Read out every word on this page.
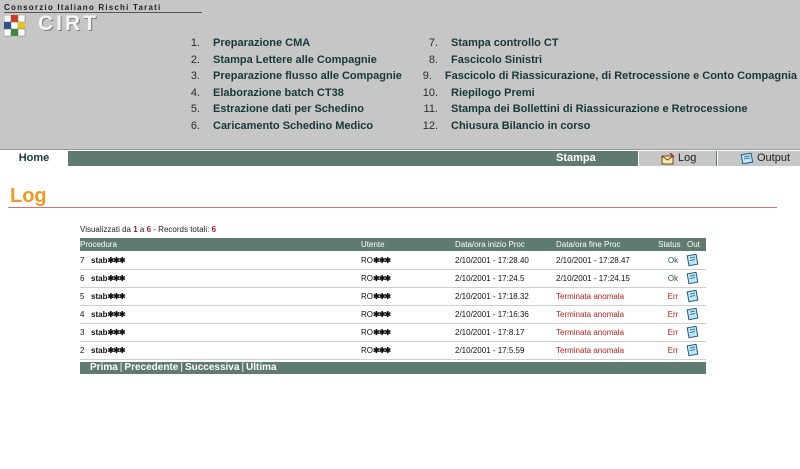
Consorzio Italiano Rischi Tarati
CIRT
1. Preparazione CMA
2. Stampa Lettere alle Compagnie
3. Preparazione flusso alle Compagnie
4. Elaborazione batch CT38
5. Estrazione dati per Schedino
6. Caricamento Schedino Medico
7. Stampa controllo CT
8. Fascicolo Sinistri
9. Fascicolo di Riassicurazione, di Retrocessione e Conto Compagnia
10. Riepilogo Premi
11. Stampa dei Bollettini di Riassicurazione e Retrocessione
12. Chiusura Bilancio in corso
Home	Stampa Bollettini
Log	Output
Log
Visualizzati da 1 a 6 - Records totali: 6
Procedura	Utente	Data/ora inizio Proc	Data/ora fine Proc	Status Out
7 stab✱✱✱	RO✱✱✱	2/10/2001 - 17:28.40	2/10/2001 - 17:28.47	Ok
6 stab✱✱✱	RO✱✱✱	2/10/2001 - 17:24.5	2/10/2001 - 17:24.15	Ok
5 stab✱✱✱	RO✱✱✱	2/10/2001 - 17:18.32	Terminata anomala	Err
4 stab✱✱✱	RO✱✱✱	2/10/2001 - 17:16:36	Terminata anomala	Err
3 stab✱✱✱	RO✱✱✱	2/10/2001 - 17:8.17	Terminata anomala	Err
2 stab✱✱✱	RO✱✱✱	2/10/2001 - 17:5.59	Terminata anomala	Err
Prima | Precedente | Successiva | Ultima
